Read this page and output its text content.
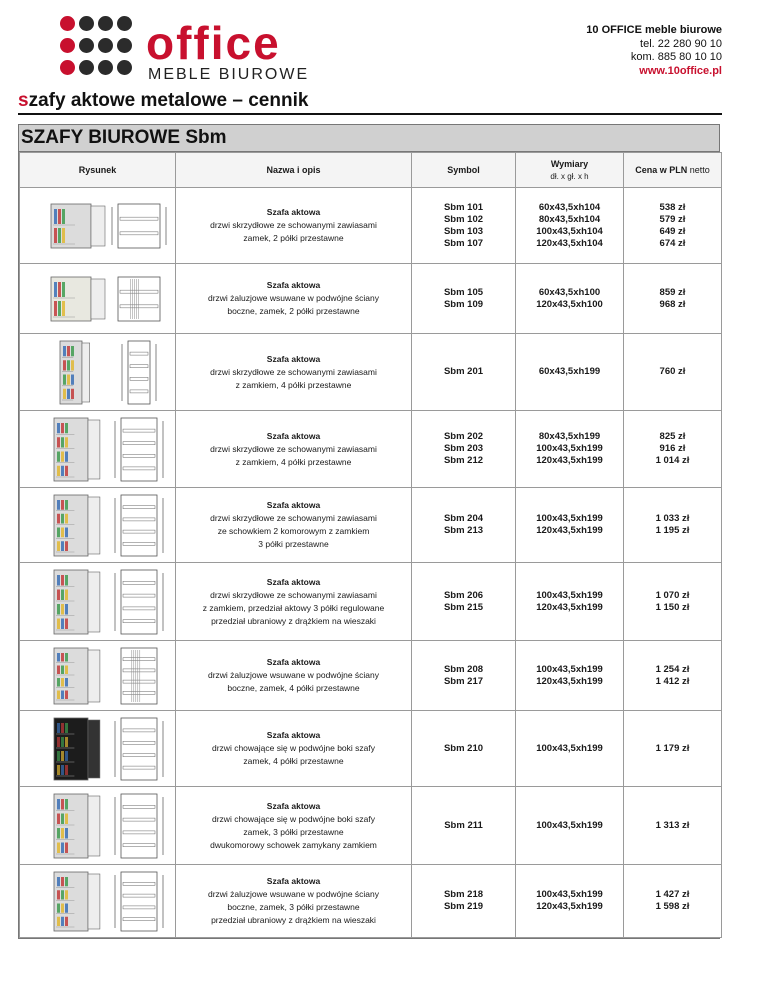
office
MEBLE BIUROWE
10 OFFICE meble biurowe
tel. 22 280 90 10
kom. 885 80 10 10
www.10office.pl
szafy aktowe metalowe – cennik
SZAFY BIUROWE Sbm
Rysunek	Nazwa i opis	Symbol	Wymiary
dł. x gł. x h	Cena w PLN netto

Szafa aktowa
drzwi skrzydłowe ze schowanymi zawiasami
zamek, 2 półki przestawne	Sbm 101
Sbm 102
Sbm 103
Sbm 107	60x43,5xh104
80x43,5xh104
100x43,5xh104
120x43,5xh104	538 zł
579 zł
649 zł
674 zł

Szafa aktowa
drzwi żaluzjowe wsuwane w podwójne ściany
boczne, zamek, 2 półki przestawne	Sbm 105
Sbm 109	60x43,5xh100
120x43,5xh100	859 zł
968 zł

Szafa aktowa
drzwi skrzydłowe ze schowanymi zawiasami
z zamkiem, 4 półki przestawne	Sbm 201	60x43,5xh199	760 zł

Szafa aktowa
drzwi skrzydłowe ze schowanymi zawiasami
z zamkiem, 4 półki przestawne	Sbm 202
Sbm 203
Sbm 212	80x43,5xh199
100x43,5xh199
120x43,5xh199	825 zł
916 zł
1 014 zł

Szafa aktowa
drzwi skrzydłowe ze schowanymi zawiasami
ze schowkiem 2 komorowym z zamkiem
3 półki przestawne	Sbm 204
Sbm 213	100x43,5xh199
120x43,5xh199	1 033 zł
1 195 zł

Szafa aktowa
drzwi skrzydłowe ze schowanymi zawiasami
z zamkiem, przedział aktowy 3 półki regulowane
przedział ubraniowy z drążkiem na wieszaki	Sbm 206
Sbm 215	100x43,5xh199
120x43,5xh199	1 070 zł
1 150 zł

Szafa aktowa
drzwi żaluzjowe wsuwane w podwójne ściany
boczne, zamek, 4 półki przestawne	Sbm 208
Sbm 217	100x43,5xh199
120x43,5xh199	1 254 zł
1 412 zł

Szafa aktowa
drzwi chowające się w podwójne boki szafy
zamek, 4 półki przestawne	Sbm 210	100x43,5xh199	1 179 zł

Szafa aktowa
drzwi chowające się w podwójne boki szafy
zamek, 3 półki przestawne
dwukomorowy schowek zamykany zamkiem	Sbm 211	100x43,5xh199	1 313 zł

Szafa aktowa
drzwi żaluzjowe wsuwane w podwójne ściany
boczne, zamek, 3 półki przestawne
przedział ubraniowy z drążkiem na wieszaki	Sbm 218
Sbm 219	100x43,5xh199
120x43,5xh199	1 427 zł
1 598 zł
